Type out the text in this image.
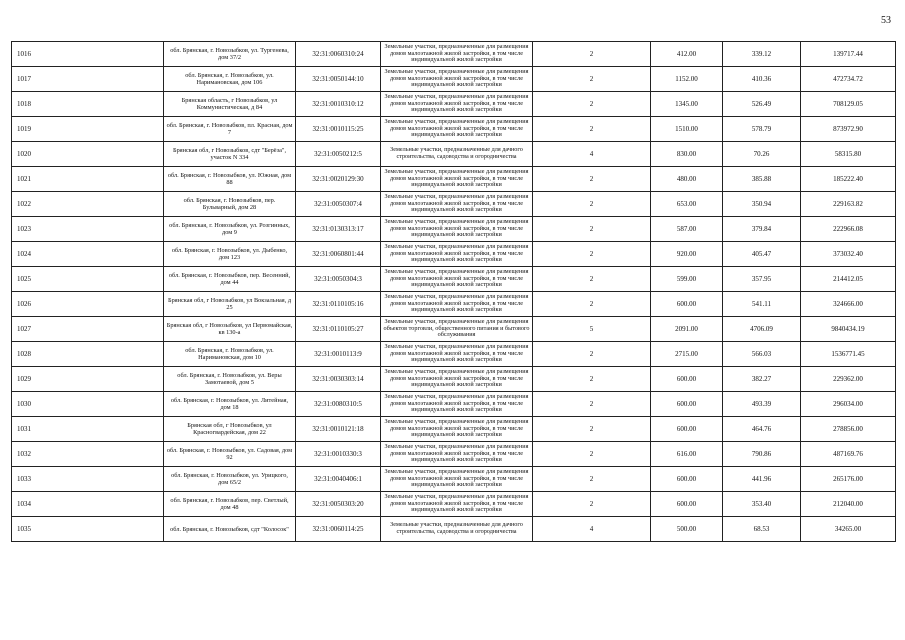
53
1016	обл. Брянская, г. Новозыбков, ул. Тургенева, дом 37/2	32:31:0060310:24	Земельные участки, предназначенные для размещения домов малоэтажной жилой застройки, в том числе индивидуальной жилой застройки	2	412.00	339.12	139717.44
1017	обл. Брянская, г. Новозыбков, ул. Наримановская, дом 106	32:31:0050144:10	Земельные участки, предназначенные для размещения домов малоэтажной жилой застройки, в том числе индивидуальной жилой застройки	2	1152.00	410.36	472734.72
1018	Брянская область, г Новозыбков, ул Коммунистическая, д 84	32:31:0010310:12	Земельные участки, предназначенные для размещения домов малоэтажной жилой застройки, в том числе индивидуальной жилой застройки	2	1345.00	526.49	708129.05
1019	обл. Брянская, г. Новозыбков, пл. Красная, дом 7	32:31:0010115:25	Земельные участки, предназначенные для размещения домов малоэтажной жилой застройки, в том числе индивидуальной жилой застройки	2	1510.00	578.79	873972.90
1020	Брянская обл, г Новозыбков, сдт "Берёза", участок N 334	32:31:0050212:5	Земельные участки, предназначенные для дачного строительства, садоводства и огородничества	4	830.00	70.26	58315.80
1021	обл. Брянская, г. Новозыбков, ул. Южная, дом 88	32:31:0020129:30	Земельные участки, предназначенные для размещения домов малоэтажной жилой застройки, в том числе индивидуальной жилой застройки	2	480.00	385.88	185222.40
1022	обл. Брянская, г. Новозыбков, пер. Бульварный, дом 28	32:31:0050307:4	Земельные участки, предназначенные для размещения домов малоэтажной жилой застройки, в том числе индивидуальной жилой застройки	2	653.00	350.94	229163.82
1023	обл. Брянская, г. Новозыбков, ул. Розгинных, дом 9	32:31:0130313:17	Земельные участки, предназначенные для размещения домов малоэтажной жилой застройки, в том числе индивидуальной жилой застройки	2	587.00	379.84	222966.08
1024	обл. Брянская, г. Новозыбков, ул. Дыбенко, дом 123	32:31:0060801:44	Земельные участки, предназначенные для размещения домов малоэтажной жилой застройки, в том числе индивидуальной жилой застройки	2	920.00	405.47	373032.40
1025	обл. Брянская, г. Новозыбков, пер. Весенний, дом 44	32:31:0050304:3	Земельные участки, предназначенные для размещения домов малоэтажной жилой застройки, в том числе индивидуальной жилой застройки	2	599.00	357.95	214412.05
1026	Брянская обл, г Новозыбков, ул Вокзальная, д 25	32:31:0110105:16	Земельные участки, предназначенные для размещения домов малоэтажной жилой застройки, в том числе индивидуальной жилой застройки	2	600.00	541.11	324666.00
1027	Брянская обл, г Новозыбков, ул Первомайская, кв 130-а	32:31:0110105:27	Земельные участки, предназначенные для размещения объектов торговли, общественного питания и бытового обслуживания	5	2091.00	4706.09	9840434.19
1028	обл. Брянская, г. Новозыбков, ул. Наримановская, дом 10	32:31:0010113:9	Земельные участки, предназначенные для размещения домов малоэтажной жилой застройки, в том числе индивидуальной жилой застройки	2	2715.00	566.03	1536771.45
1029	обл. Брянская, г. Новозыбков, ул. Веры Замотаевой, дом 5	32:31:0030303:14	Земельные участки, предназначенные для размещения домов малоэтажной жилой застройки, в том числе индивидуальной жилой застройки	2	600.00	382.27	229362.00
1030	обл. Брянская, г. Новозыбков, ул. Литейная, дом 18	32:31:0080310:5	Земельные участки, предназначенные для размещения домов малоэтажной жилой застройки, в том числе индивидуальной жилой застройки	2	600.00	493.39	296034.00
1031	Брянская обл, г Новозыбков, ул Красногвардейская, дом 22	32:31:0010121:18	Земельные участки, предназначенные для размещения домов малоэтажной жилой застройки, в том числе индивидуальной жилой застройки	2	600.00	464.76	278856.00
1032	обл. Брянская, г. Новозыбков, ул. Садовая, дом 92	32:31:0010330:3	Земельные участки, предназначенные для размещения домов малоэтажной жилой застройки, в том числе индивидуальной жилой застройки	2	616.00	790.86	487169.76
1033	обл. Брянская, г. Новозыбков, ул. Урицкого, дом 65/2	32:31:0040406:1	Земельные участки, предназначенные для размещения домов малоэтажной жилой застройки, в том числе индивидуальной жилой застройки	2	600.00	441.96	265176.00
1034	обл. Брянская, г. Новозыбков, пер. Светлый, дом 48	32:31:0050303:20	Земельные участки, предназначенные для размещения домов малоэтажной жилой застройки, в том числе индивидуальной жилой застройки	2	600.00	353.40	212040.00
1035	обл. Брянская, г. Новозыбков, сдт "Колосок"	32:31:0060114:25	Земельные участки, предназначенные для дачного строительства, садоводства и огородничества	4	500.00	68.53	34265.00
